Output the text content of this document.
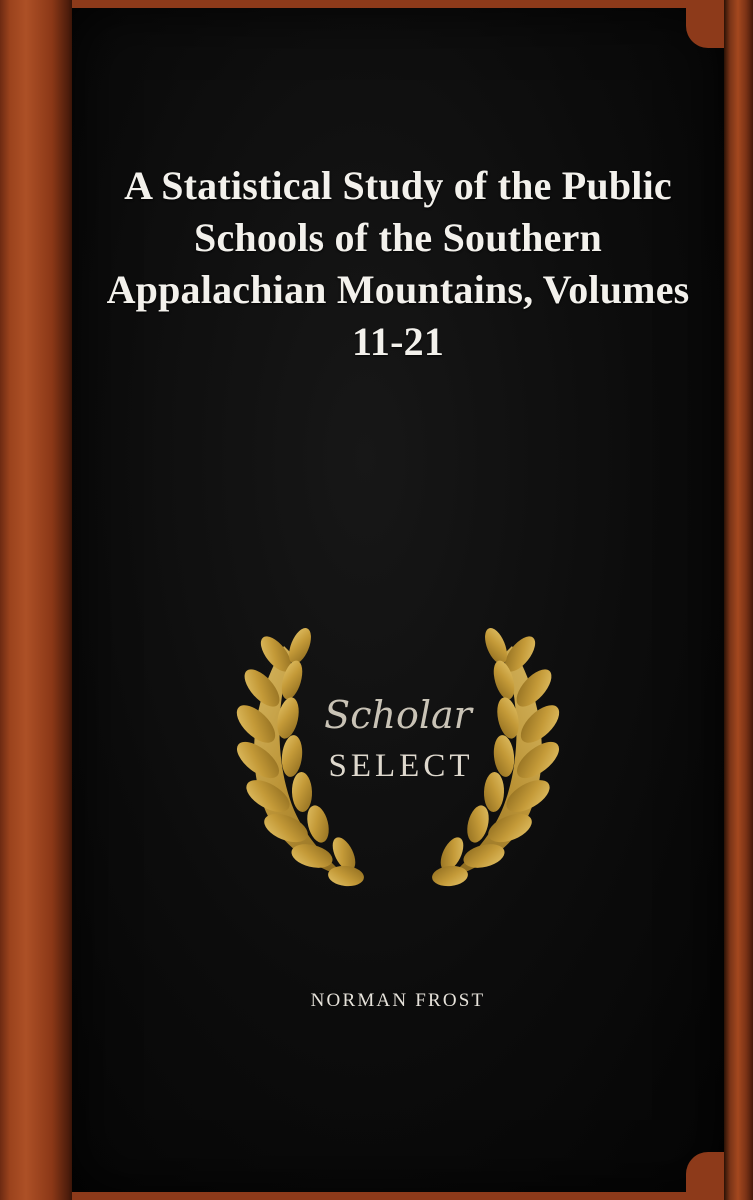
A Statistical Study of the Public Schools of the Southern Appalachian Mountains, Volumes 11-21
Scholar
SELECT
NORMAN FROST
